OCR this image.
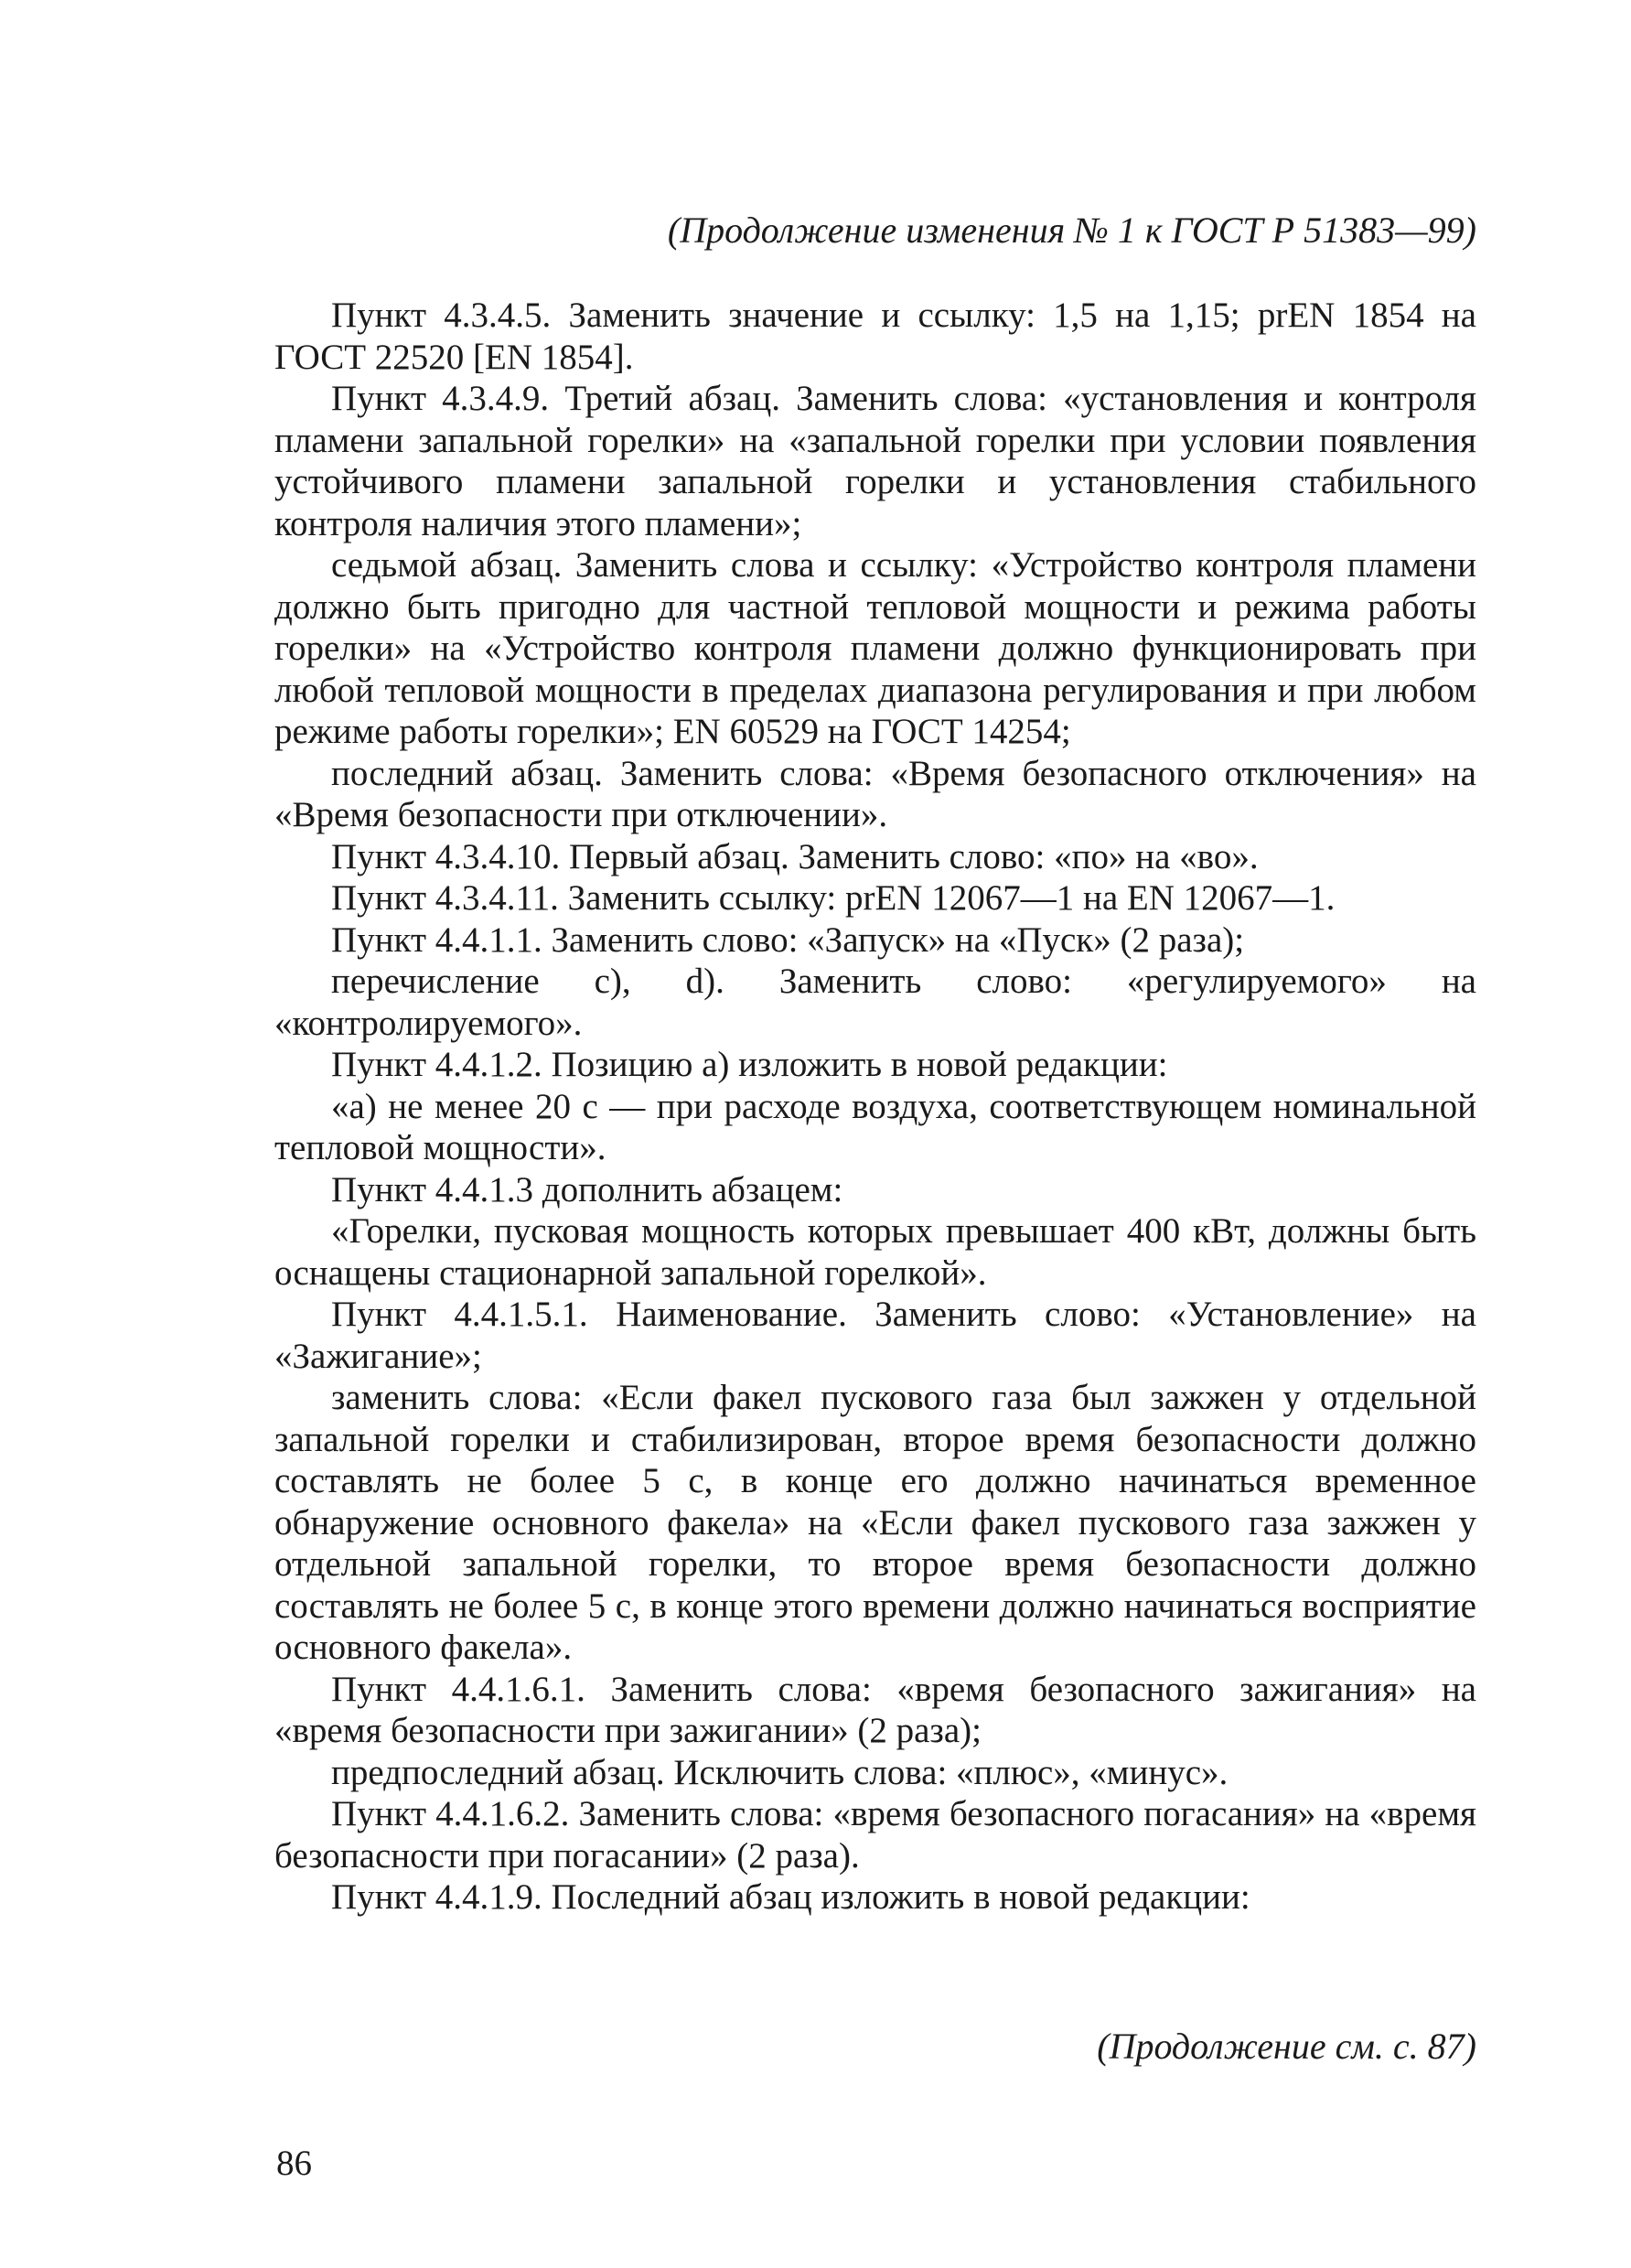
(Продолжение изменения № 1 к ГОСТ Р 51383—99)

Пункт 4.3.4.5. Заменить значение и ссылку: 1,5 на 1,15; prEN 1854 на ГОСТ 22520 [EN 1854].

Пункт 4.3.4.9. Третий абзац. Заменить слова: «установления и контроля пламени запальной горелки» на «запальной горелки при условии появления устойчивого пламени запальной горелки и установления стабильного контроля наличия этого пламени»;

седьмой абзац. Заменить слова и ссылку: «Устройство контроля пламени должно быть пригодно для частной тепловой мощности и режима работы горелки» на «Устройство контроля пламени должно функционировать при любой тепловой мощности в пределах диапазона регулирования и при любом режиме работы горелки»; EN 60529 на ГОСТ 14254;

последний абзац. Заменить слова: «Время безопасного отключения» на «Время безопасности при отключении».

Пункт 4.3.4.10. Первый абзац. Заменить слово: «по» на «во».

Пункт 4.3.4.11. Заменить ссылку: prEN 12067—1 на EN 12067—1.

Пункт 4.4.1.1. Заменить слово: «Запуск» на «Пуск» (2 раза);

перечисление с), d). Заменить слово: «регулируемого» на «контролируемого».

Пункт 4.4.1.2. Позицию а) изложить в новой редакции:

«а) не менее 20 с — при расходе воздуха, соответствующем номинальной тепловой мощности».

Пункт 4.4.1.3 дополнить абзацем:

«Горелки, пусковая мощность которых превышает 400 кВт, должны быть оснащены стационарной запальной горелкой».

Пункт 4.4.1.5.1. Наименование. Заменить слово: «Установление» на «Зажигание»;

заменить слова: «Если факел пускового газа был зажжен у отдельной запальной горелки и стабилизирован, второе время безопасности должно составлять не более 5 с, в конце его должно начинаться временное обнаружение основного факела» на «Если факел пускового газа зажжен у отдельной запальной горелки, то второе время безопасности должно составлять не более 5 с, в конце этого времени должно начинаться восприятие основного факела».

Пункт 4.4.1.6.1. Заменить слова: «время безопасного зажигания» на «время безопасности при зажигании» (2 раза);

предпоследний абзац. Исключить слова: «плюс», «минус».

Пункт 4.4.1.6.2. Заменить слова: «время безопасного погасания» на «время безопасности при погасании» (2 раза).

Пункт 4.4.1.9. Последний абзац изложить в новой редакции:

(Продолжение см. с. 87)
86
